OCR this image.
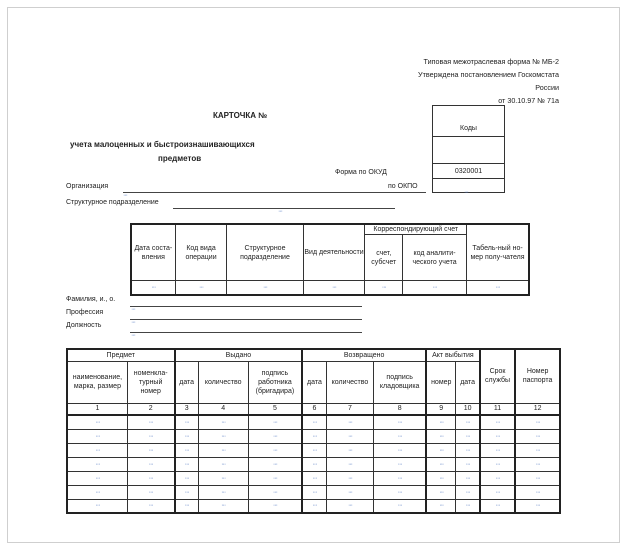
Типовая межотраслевая форма № МБ-2
Утверждена постановлением Госкомстата
России
от 30.10.97 № 71а
КАРТОЧКА №
учета малоценных и быстроизнашивающихся
предметов
Коды
0320001
···
Форма по ОКУД
по ОКПО
Организация
···
Структурное подразделение
···
Дата соста-вления	Код вида операции	Структурное подразделение	Вид деятельности	Корреспондирующий счет		Табель-ный но-мер полу-чателя
				счет, субсчет	код аналити-ческого учета	
···	···	···	···	···	···	···
Фамилия, и., о.
···
Профессия
···
Должность
···
Предмет		Выдано			Возвращено			Акт выбытия		Срок службы	Номер паспорта
наименование, марка, размер	номенкла-турный номер	дата	количество	подпись работника (бригадира)	дата	количество	подпись кладовщика	номер	дата		
1	2	3	4	5	6	7	8	9	10	11	12
···	···	···	···	···	···	···	···	···	···	···	···
···	···	···	···	···	···	···	···	···	···	···	···
···	···	···	···	···	···	···	···	···	···	···	···
···	···	···	···	···	···	···	···	···	···	···	···
···	···	···	···	···	···	···	···	···	···	···	···
···	···	···	···	···	···	···	···	···	···	···	···
···	···	···	···	···	···	···	···	···	···	···	···
